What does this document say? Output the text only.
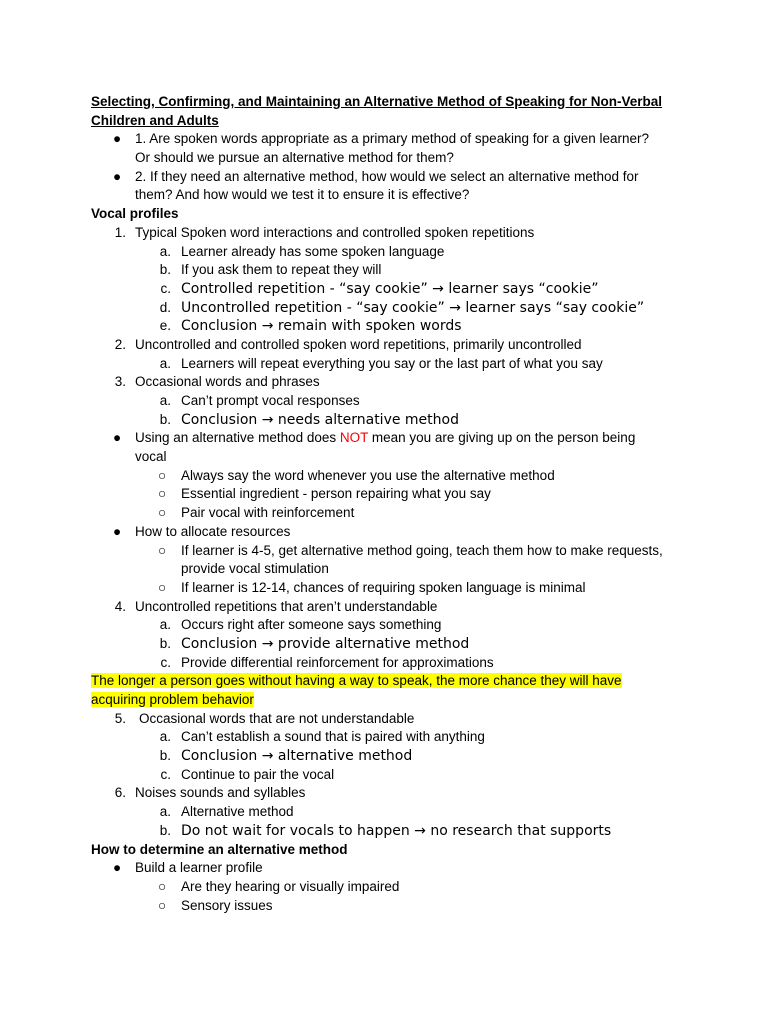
Selecting, Confirming, and Maintaining an Alternative Method of Speaking for Non-Verbal Children and Adults
● 1. Are spoken words appropriate as a primary method of speaking for a given learner?
Or should we pursue an alternative method for them?
● 2. If they need an alternative method, how would we select an alternative method for
them? And how would we test it to ensure it is effective?
Vocal profiles
1. Typical Spoken word interactions and controlled spoken repetitions
a. Learner already has some spoken language
b. If you ask them to repeat they will
c. Controlled repetition - “say cookie” → learner says “cookie”
d. Uncontrolled repetition - “say cookie” → learner says “say cookie”
e. Conclusion → remain with spoken words
2. Uncontrolled and controlled spoken word repetitions, primarily uncontrolled
a. Learners will repeat everything you say or the last part of what you say
3. Occasional words and phrases
a. Can’t prompt vocal responses
b. Conclusion → needs alternative method
● Using an alternative method does NOT mean you are giving up on the person being
vocal
○ Always say the word whenever you use the alternative method
○ Essential ingredient - person repairing what you say
○ Pair vocal with reinforcement
● How to allocate resources
○ If learner is 4-5, get alternative method going, teach them how to make requests,
provide vocal stimulation
○ If learner is 12-14, chances of requiring spoken language is minimal
4. Uncontrolled repetitions that aren’t understandable
a. Occurs right after someone says something
b. Conclusion → provide alternative method
c. Provide differential reinforcement for approximations
The longer a person goes without having a way to speak, the more chance they will have
acquiring problem behavior
5. Occasional words that are not understandable
a. Can’t establish a sound that is paired with anything
b. Conclusion → alternative method
c. Continue to pair the vocal
6. Noises sounds and syllables
a. Alternative method
b. Do not wait for vocals to happen → no research that supports
How to determine an alternative method
● Build a learner profile
○ Are they hearing or visually impaired
○ Sensory issues
